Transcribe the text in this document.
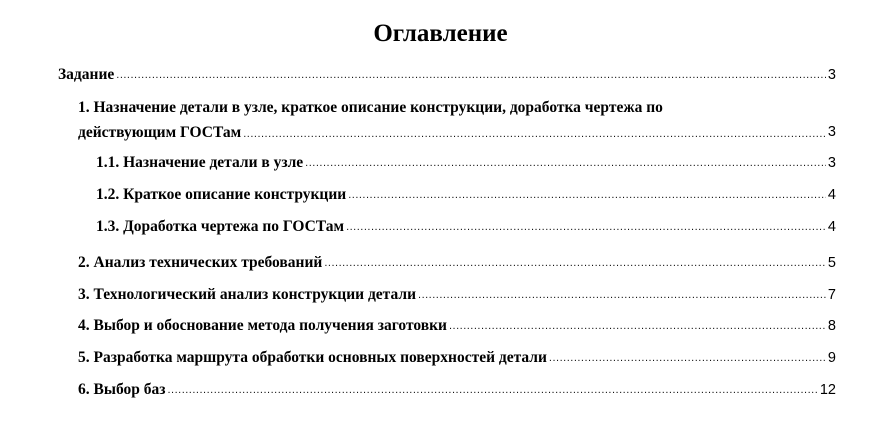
Оглавление
Задание .....	3
1. Назначение детали в узле, краткое описание конструкции, доработка чертежа по
действующим ГОСТам .....	3
1.1. Назначение детали в узле .....	3
1.2. Краткое описание конструкции .....	4
1.3. Доработка чертежа по ГОСТам .....	4
2. Анализ технических требований .....	5
3. Технологический анализ конструкции детали .....	7
4. Выбор и обоснование метода получения заготовки .....	8
5. Разработка маршрута обработки основных поверхностей детали .....	9
6. Выбор баз .....	12
